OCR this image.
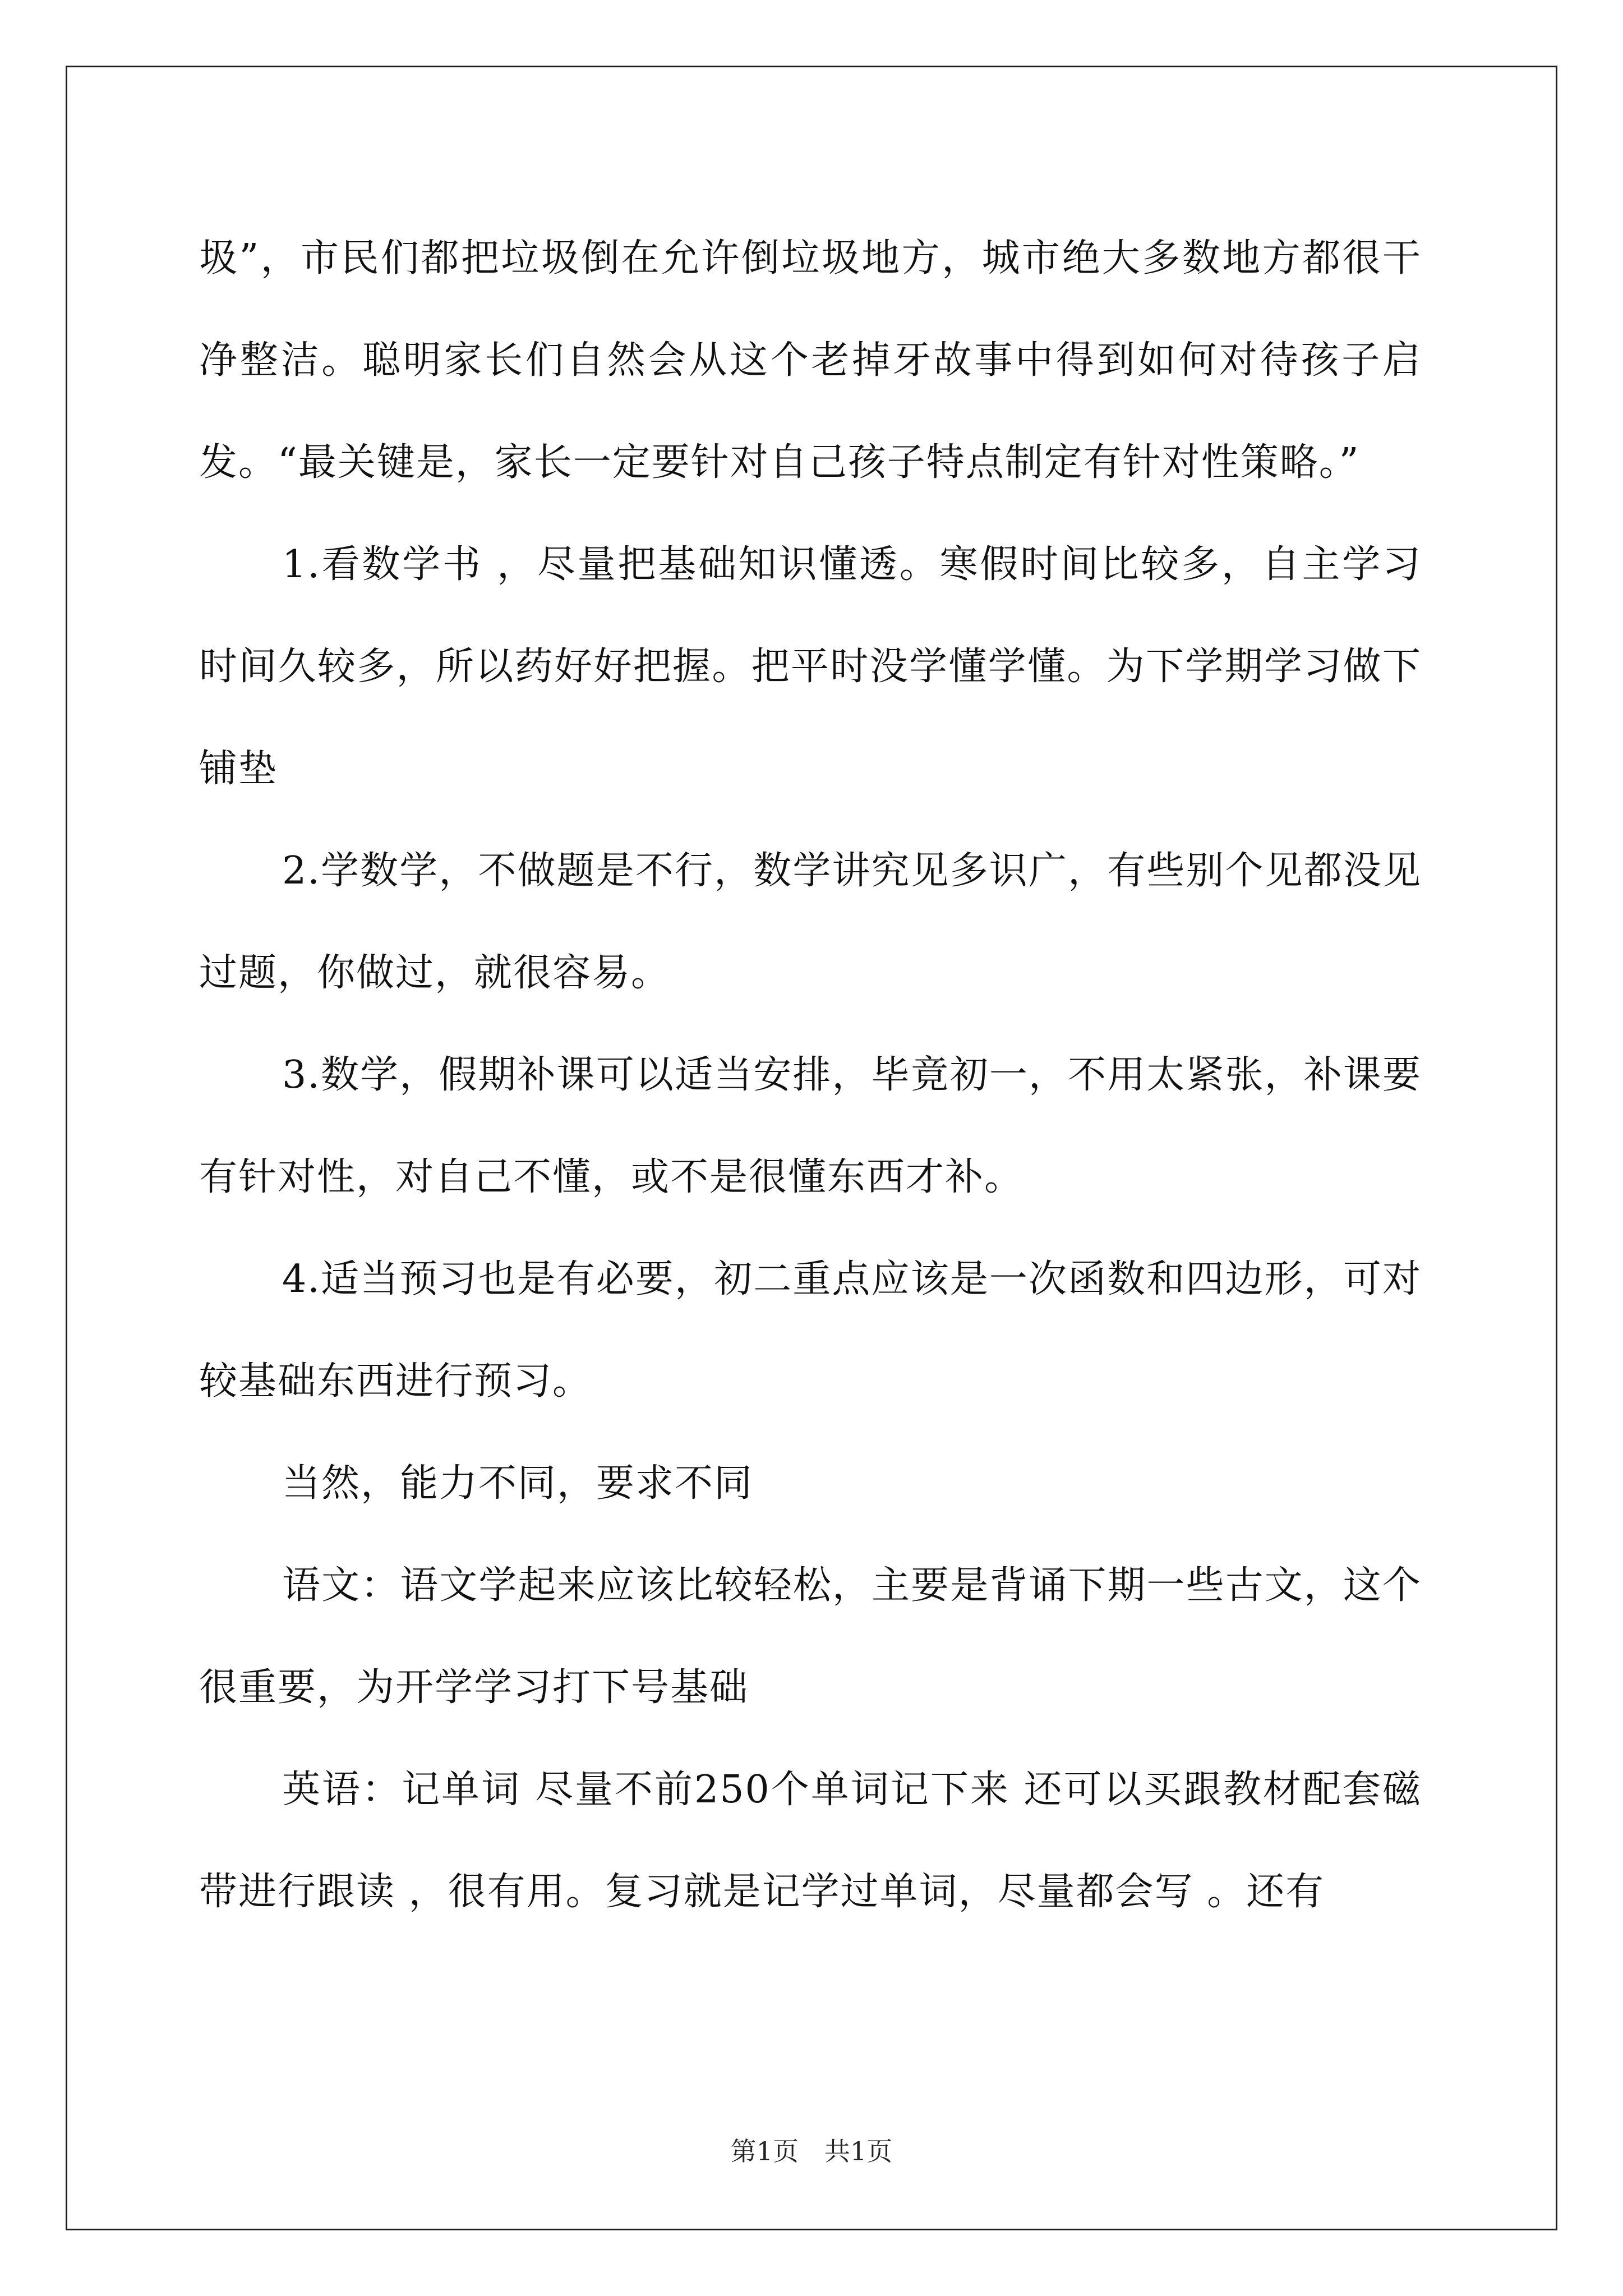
圾”，市民们都把垃圾倒在允许倒垃圾地方，城市绝大多数地方都很干净整洁。聪明家长们自然会从这个老掉牙故事中得到如何对待孩子启发。“最关键是，家长一定要针对自己孩子特点制定有针对性策略。”

1.看数学书 ，尽量把基础知识懂透。寒假时间比较多，自主学习时间久较多，所以药好好把握。把平时没学懂学懂。为下学期学习做下铺垫

2.学数学，不做题是不行，数学讲究见多识广，有些别个见都没见过题，你做过，就很容易。

3.数学，假期补课可以适当安排，毕竟初一，不用太紧张，补课要有针对性，对自己不懂，或不是很懂东西才补。

4.适当预习也是有必要，初二重点应该是一次函数和四边形，可对较基础东西进行预习。

当然，能力不同，要求不同

语文：语文学起来应该比较轻松，主要是背诵下期一些古文，这个很重要，为开学学习打下号基础

英语：记单词 尽量不前250个单词记下来 还可以买跟教材配套磁带进行跟读 ，很有用。复习就是记学过单词，尽量都会写 。还有

第1页　共1页
